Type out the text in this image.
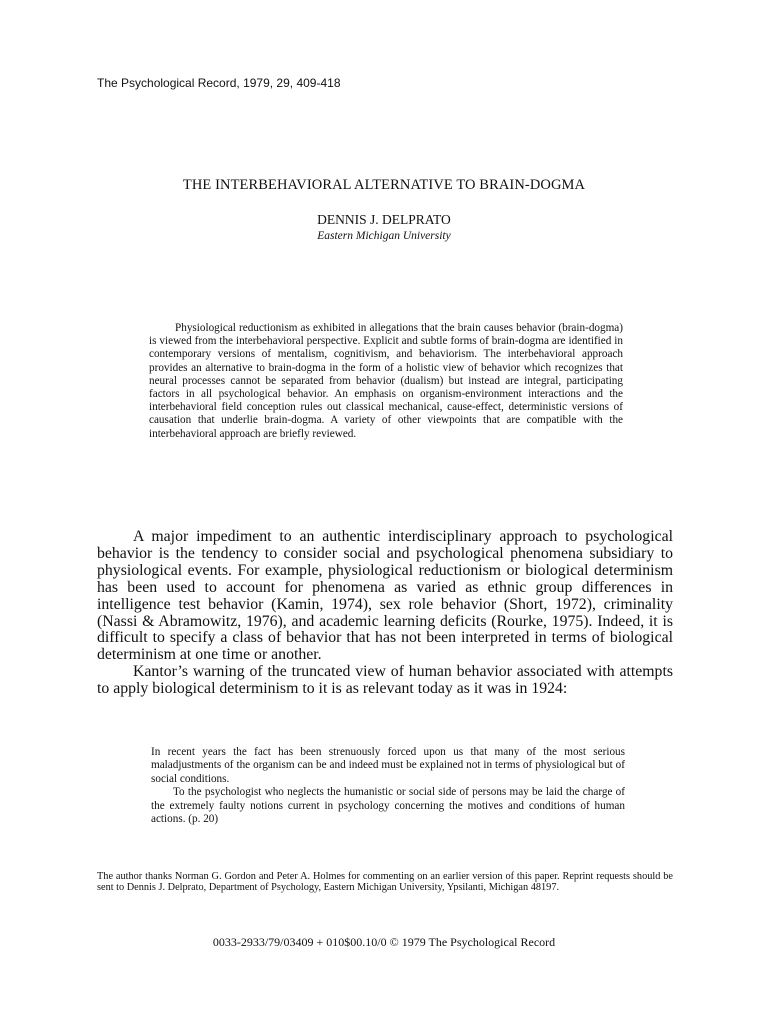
The Psychological Record, 1979, 29, 409-418
THE INTERBEHAVIORAL ALTERNATIVE TO BRAIN-DOGMA
DENNIS J. DELPRATO
Eastern Michigan University

Physiological reductionism as exhibited in allegations that the brain causes behavior (brain-dogma) is viewed from the interbehavioral perspective. Explicit and subtle forms of brain-dogma are identified in contemporary versions of mentalism, cognitivism, and behaviorism. The interbehavioral approach provides an alternative to brain-dogma in the form of a holistic view of behavior which recognizes that neural processes cannot be separated from behavior (dualism) but instead are integral, participating factors in all psychological behavior. An emphasis on organism-environment interactions and the interbehavioral field conception rules out classical mechanical, cause-effect, deterministic versions of causation that underlie brain-dogma. A variety of other viewpoints that are compatible with the interbehavioral approach are briefly reviewed.

A major impediment to an authentic interdisciplinary approach to psychological behavior is the tendency to consider social and psychological phenomena subsidiary to physiological events. For example, physiological reductionism or biological determinism has been used to account for phenomena as varied as ethnic group differences in intelligence test behavior (Kamin, 1974), sex role behavior (Short, 1972), criminality (Nassi & Abramowitz, 1976), and academic learning deficits (Rourke, 1975). Indeed, it is difficult to specify a class of behavior that has not been interpreted in terms of biological determinism at one time or another.

Kantor’s warning of the truncated view of human behavior associated with attempts to apply biological determinism to it is as relevant today as it was in 1924:

In recent years the fact has been strenuously forced upon us that many of the most serious maladjustments of the organism can be and indeed must be explained not in terms of physiological but of social conditions.

To the psychologist who neglects the humanistic or social side of persons may be laid the charge of the extremely faulty notions current in psychology concerning the motives and conditions of human actions. (p. 20)

The author thanks Norman G. Gordon and Peter A. Holmes for commenting on an earlier version of this paper. Reprint requests should be sent to Dennis J. Delprato, Department of Psychology, Eastern Michigan University, Ypsilanti, Michigan 48197.

0033-2933/79/03409 + 010$00.10/0 © 1979 The Psychological Record
